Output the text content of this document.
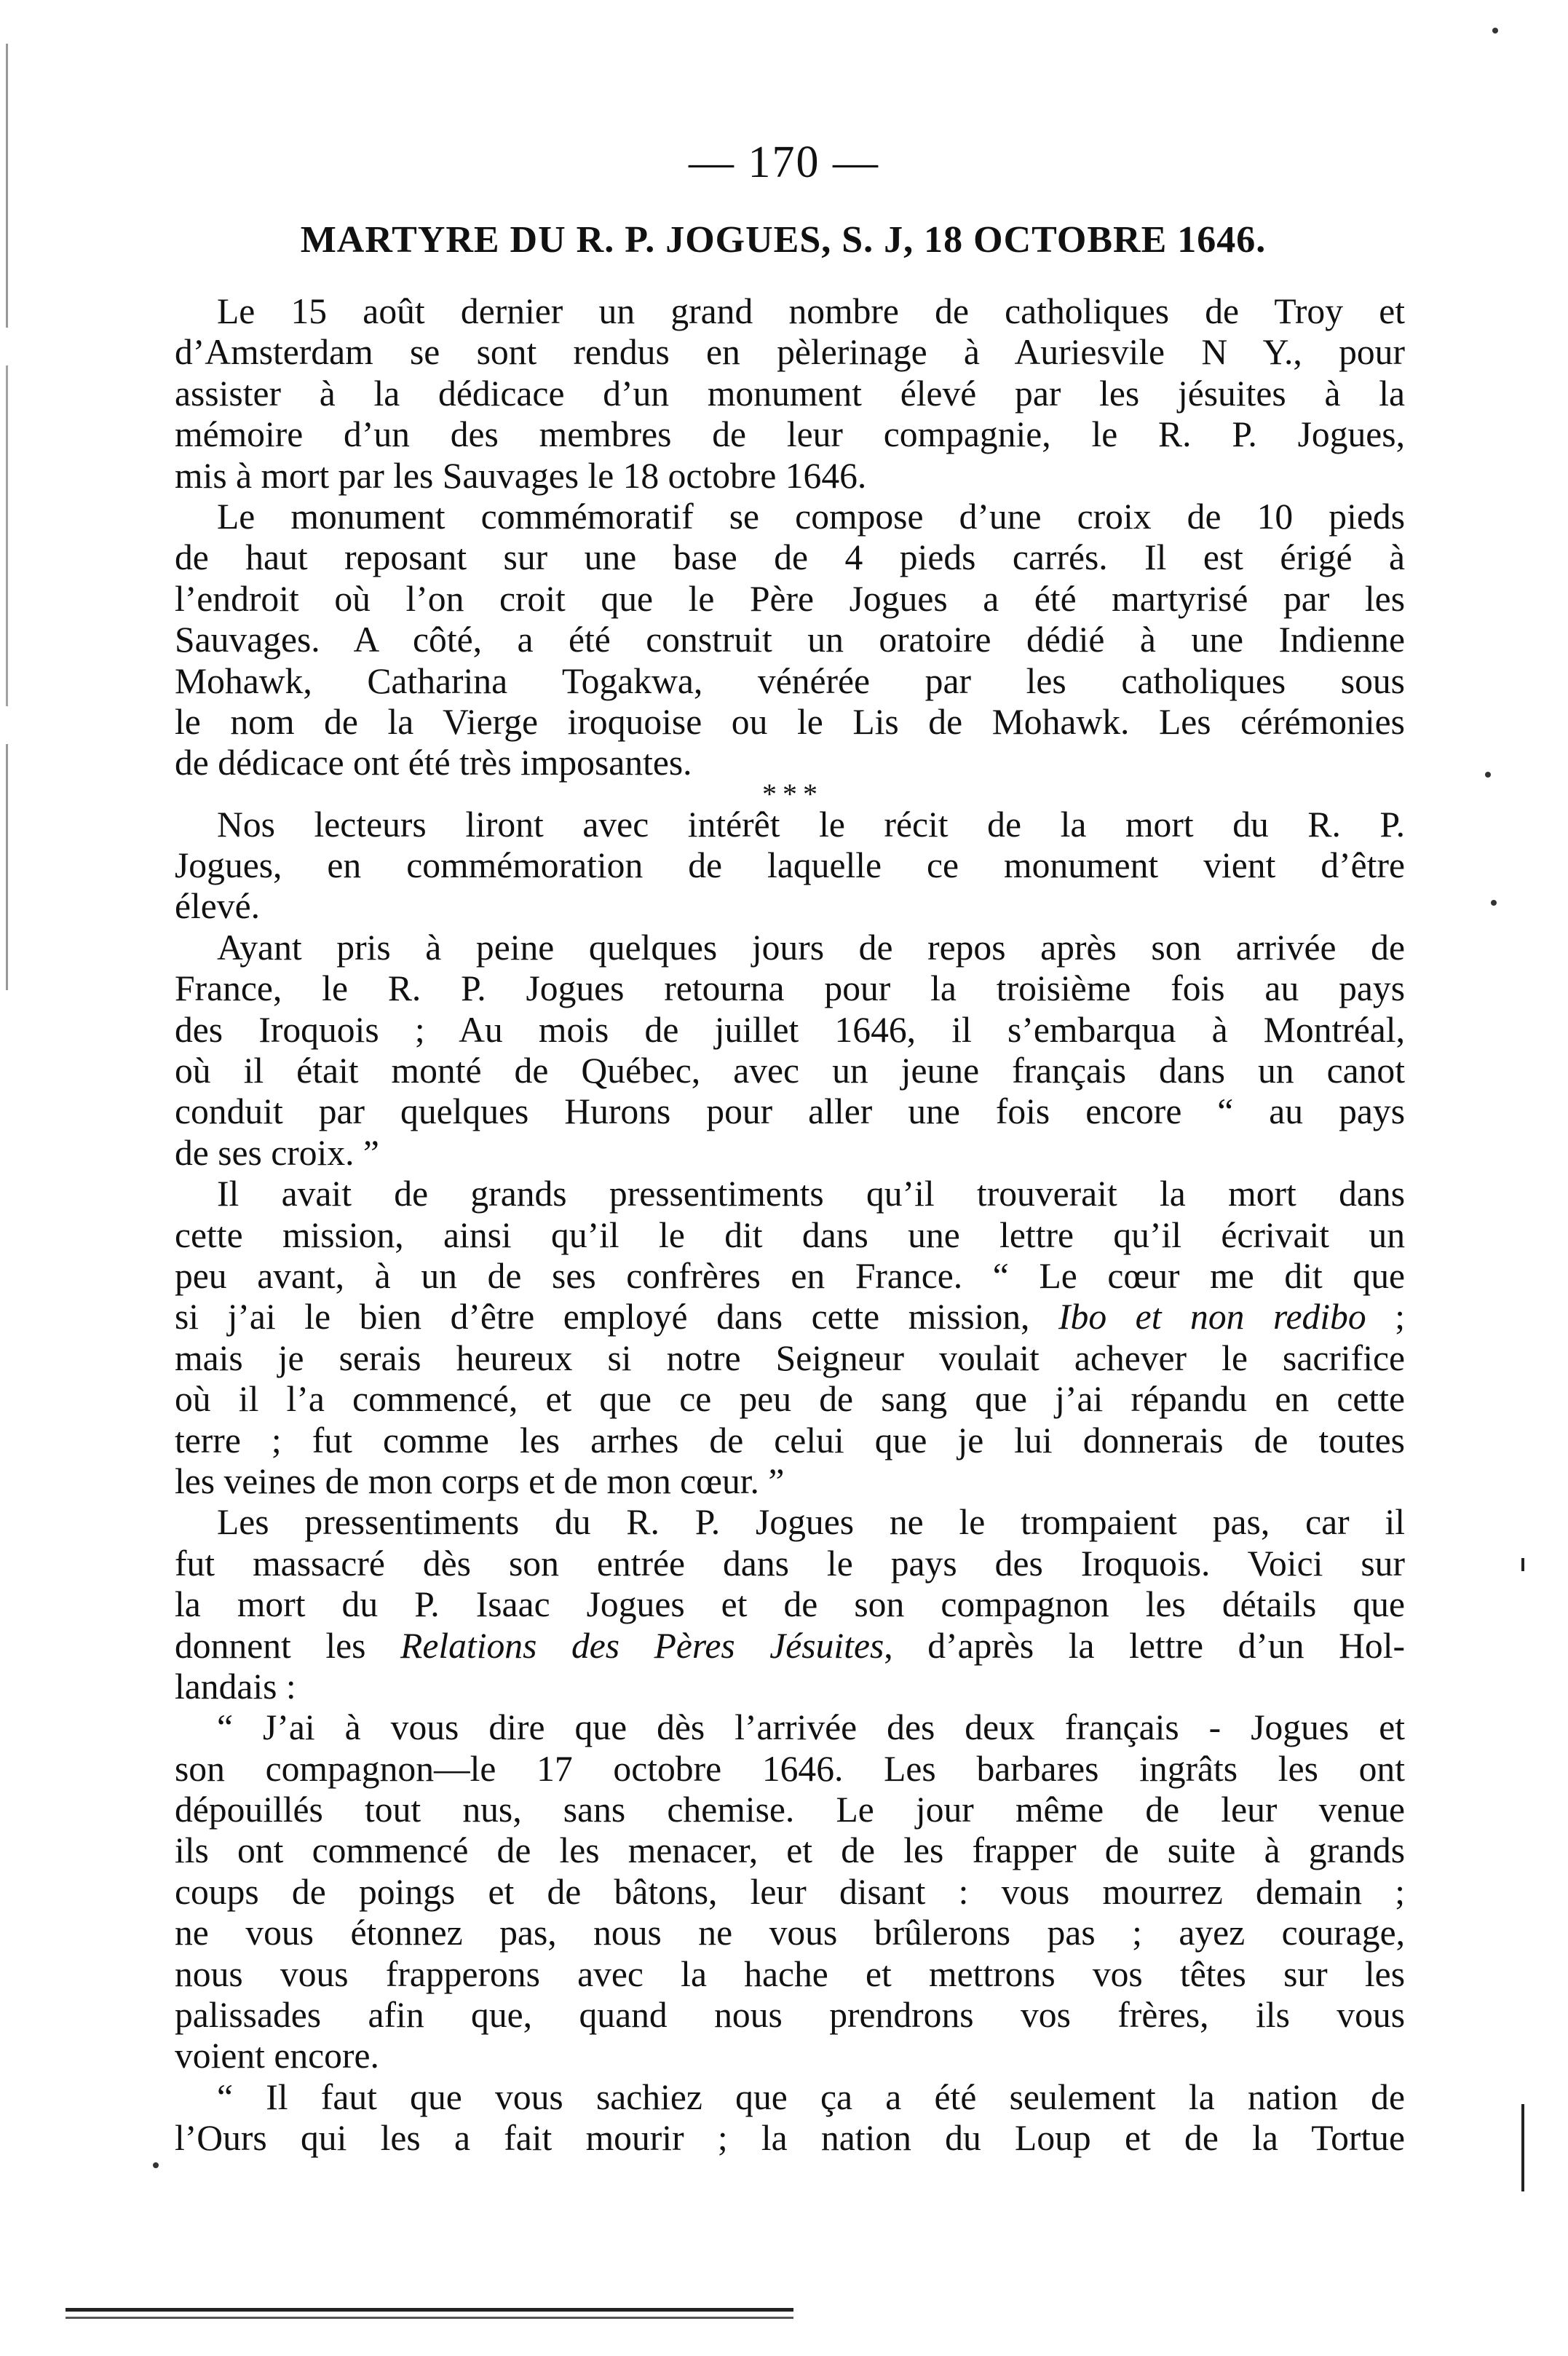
— 170 —
MARTYRE DU R. P. JOGUES, S. J, 18 OCTOBRE 1646.
Le 15 août dernier un grand nombre de catholiques de Troy et
d’Amsterdam se sont rendus en pèlerinage à Auriesvile N Y., pour
assister à la dédicace d’un monument élevé par les jésuites à la
mémoire d’un des membres de leur compagnie, le R. P. Jogues,
mis à mort par les Sauvages le 18 octobre 1646.
Le monument commémoratif se compose d’une croix de 10 pieds
de haut reposant sur une base de 4 pieds carrés. Il est érigé à
l’endroit où l’on croit que le Père Jogues a été martyrisé par les
Sauvages. A côté, a été construit un oratoire dédié à une Indienne
Mohawk, Catharina Togakwa, vénérée par les catholiques sous
le nom de la Vierge iroquoise ou le Lis de Mohawk. Les cérémonies
de dédicace ont été très imposantes.
* * *
Nos lecteurs liront avec intérêt le récit de la mort du R. P.
Jogues, en commémoration de laquelle ce monument vient d’être
élevé.
Ayant pris à peine quelques jours de repos après son arrivée de
France, le R. P. Jogues retourna pour la troisième fois au pays
des Iroquois ; Au mois de juillet 1646, il s’embarqua à Montréal,
où il était monté de Québec, avec un jeune français dans un canot
conduit par quelques Hurons pour aller une fois encore “ au pays
de ses croix. ”
Il avait de grands pressentiments qu’il trouverait la mort dans
cette mission, ainsi qu’il le dit dans une lettre qu’il écrivait un
peu avant, à un de ses confrères en France. “ Le cœur me dit que
si j’ai le bien d’être employé dans cette mission, Ibo et non redibo ;
mais je serais heureux si notre Seigneur voulait achever le sacrifice
où il l’a commencé, et que ce peu de sang que j’ai répandu en cette
terre ; fut comme les arrhes de celui que je lui donnerais de toutes
les veines de mon corps et de mon cœur. ”
Les pressentiments du R. P. Jogues ne le trompaient pas, car il
fut massacré dès son entrée dans le pays des Iroquois. Voici sur
la mort du P. Isaac Jogues et de son compagnon les détails que
donnent les Relations des Pères Jésuites, d’après la lettre d’un Hol-
landais :
“ J’ai à vous dire que dès l’arrivée des deux français - Jogues et
son compagnon—le 17 octobre 1646. Les barbares ingrâts les ont
dépouillés tout nus, sans chemise. Le jour même de leur venue
ils ont commencé de les menacer, et de les frapper de suite à grands
coups de poings et de bâtons, leur disant : vous mourrez demain ;
ne vous étonnez pas, nous ne vous brûlerons pas ; ayez courage,
nous vous frapperons avec la hache et mettrons vos têtes sur les
palissades afin que, quand nous prendrons vos frères, ils vous
voient encore.
“ Il faut que vous sachiez que ça a été seulement la nation de
l’Ours qui les a fait mourir ; la nation du Loup et de la Tortue
